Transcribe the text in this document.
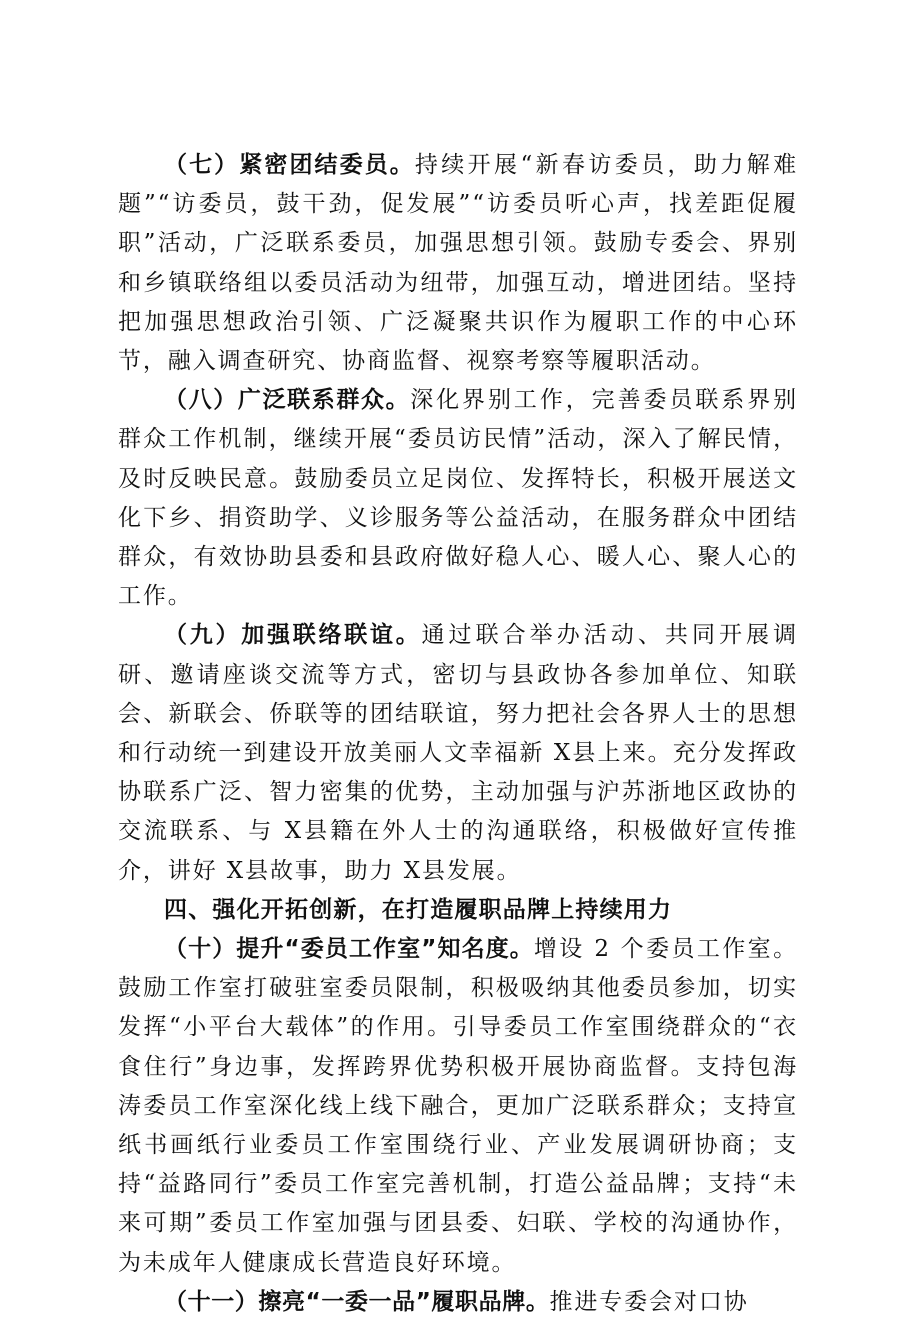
（七）紧密团结委员。持续开展“新春访委员，助力解难题”“访委员，鼓干劲，促发展”“访委员听心声，找差距促履职”活动，广泛联系委员，加强思想引领。鼓励专委会、界别和乡镇联络组以委员活动为纽带，加强互动，增进团结。坚持把加强思想政治引领、广泛凝聚共识作为履职工作的中心环节，融入调查研究、协商监督、视察考察等履职活动。

（八）广泛联系群众。深化界别工作，完善委员联系界别群众工作机制，继续开展“委员访民情”活动，深入了解民情，及时反映民意。鼓励委员立足岗位、发挥特长，积极开展送文化下乡、捐资助学、义诊服务等公益活动，在服务群众中团结群众，有效协助县委和县政府做好稳人心、暖人心、聚人心的工作。

（九）加强联络联谊。通过联合举办活动、共同开展调研、邀请座谈交流等方式，密切与县政协各参加单位、知联会、新联会、侨联等的团结联谊，努力把社会各界人士的思想和行动统一到建设开放美丽人文幸福新 X县上来。充分发挥政协联系广泛、智力密集的优势，主动加强与沪苏浙地区政协的交流联系、与 X县籍在外人士的沟通联络，积极做好宣传推介，讲好 X县故事，助力 X县发展。

四、强化开拓创新，在打造履职品牌上持续用力

（十）提升“委员工作室”知名度。增设 2 个委员工作室。鼓励工作室打破驻室委员限制，积极吸纳其他委员参加，切实发挥“小平台大载体”的作用。引导委员工作室围绕群众的“衣食住行”身边事，发挥跨界优势积极开展协商监督。支持包海涛委员工作室深化线上线下融合，更加广泛联系群众；支持宣纸书画纸行业委员工作室围绕行业、产业发展调研协商；支持“益路同行”委员工作室完善机制，打造公益品牌；支持“未来可期”委员工作室加强与团县委、妇联、学校的沟通协作，为未成年人健康成长营造良好环境。

（十一）擦亮“一委一品”履职品牌。推进专委会对口协
